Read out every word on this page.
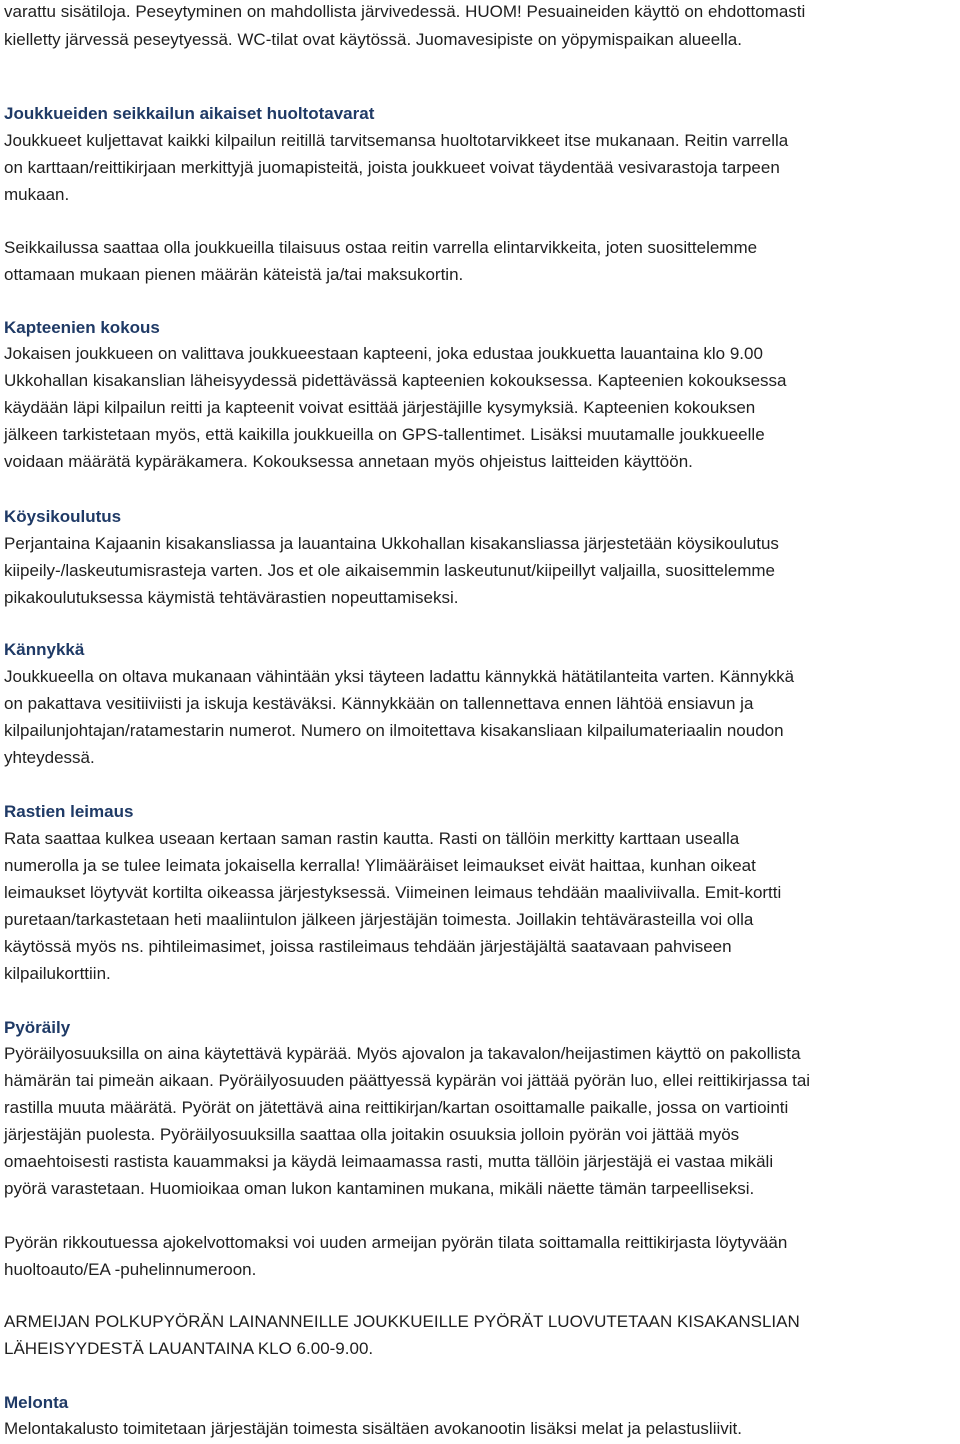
varattu sisätiloja. Peseytyminen on mahdollista järvivedessä. HUOM! Pesuaineiden käyttö on ehdottomasti
kielletty järvessä peseytyessä. WC-tilat ovat käytössä. Juomavesipiste on yöpymispaikan alueella.
Joukkueiden seikkailun aikaiset huoltotavarat
Joukkueet kuljettavat kaikki kilpailun reitillä tarvitsemansa huoltotarvikkeet itse mukanaan. Reitin varrella
on karttaan/reittikirjaan merkittyjä juomapisteitä, joista joukkueet voivat täydentää vesivarastoja tarpeen
mukaan.
Seikkailussa saattaa olla joukkueilla tilaisuus ostaa reitin varrella elintarvikkeita, joten suosittelemme
ottamaan mukaan pienen määrän käteistä ja/tai maksukortin.
Kapteenien kokous
Jokaisen joukkueen on valittava joukkueestaan kapteeni, joka edustaa joukkuetta lauantaina klo 9.00
Ukkohallan kisakanslian läheisyydessä pidettävässä kapteenien kokouksessa. Kapteenien kokouksessa
käydään läpi kilpailun reitti ja kapteenit voivat esittää järjestäjille kysymyksiä. Kapteenien kokouksen
jälkeen tarkistetaan myös, että kaikilla joukkueilla on GPS-tallentimet. Lisäksi muutamalle joukkueelle
voidaan määrätä kypäräkamera. Kokouksessa annetaan myös ohjeistus laitteiden käyttöön.
Köysikoulutus
Perjantaina Kajaanin kisakansliassa ja lauantaina Ukkohallan kisakansliassa järjestetään köysikoulutus
kiipeily-/laskeutumisrasteja varten. Jos et ole aikaisemmin laskeutunut/kiipeillyt valjailla, suosittelemme
pikakoulutuksessa käymistä tehtävärastien nopeuttamiseksi.
Kännykkä
Joukkueella on oltava mukanaan vähintään yksi täyteen ladattu kännykkä hätätilanteita varten. Kännykkä
on pakattava vesitiiviisti ja iskuja kestäväksi. Kännykkään on tallennettava ennen lähtöä ensiavun ja
kilpailunjohtajan/ratamestarin numerot. Numero on ilmoitettava kisakansliaan kilpailumateriaalin noudon
yhteydessä.
Rastien leimaus
Rata saattaa kulkea useaan kertaan saman rastin kautta. Rasti on tällöin merkitty karttaan usealla
numerolla ja se tulee leimata jokaisella kerralla! Ylimääräiset leimaukset eivät haittaa, kunhan oikeat
leimaukset löytyvät kortilta oikeassa järjestyksessä. Viimeinen leimaus tehdään maaliviivalla. Emit-kortti
puretaan/tarkastetaan heti maaliintulon jälkeen järjestäjän toimesta. Joillakin tehtävärasteilla voi olla
käytössä myös ns. pihtileimasimet, joissa rastileimaus tehdään järjestäjältä saatavaan pahviseen
kilpailukorttiin.
Pyöräily
Pyöräilyosuuksilla on aina käytettävä kypärää. Myös ajovalon ja takavalon/heijastimen käyttö on pakollista
hämärän tai pimeän aikaan. Pyöräilyosuuden päättyessä kypärän voi jättää pyörän luo, ellei reittikirjassa tai
rastilla muuta määrätä. Pyörät on jätettävä aina reittikirjan/kartan osoittamalle paikalle, jossa on vartiointi
järjestäjän puolesta. Pyöräilyosuuksilla saattaa olla joitakin osuuksia jolloin pyörän voi jättää myös
omaehtoisesti rastista kauammaksi ja käydä leimaamassa rasti, mutta tällöin järjestäjä ei vastaa mikäli
pyörä varastetaan. Huomioikaa oman lukon kantaminen mukana, mikäli näette tämän tarpeelliseksi.
Pyörän rikkoutuessa ajokelvottomaksi voi uuden armeijan pyörän tilata soittamalla reittikirjasta löytyvään
huoltoauto/EA -puhelinnumeroon.
ARMEIJAN POLKUPYÖRÄN LAINANNEILLE JOUKKUEILLE PYÖRÄT LUOVUTETAAN KISAKANSLIAN
LÄHEISYYDESTÄ LAUANTAINA KLO 6.00-9.00.
Melonta
Melontakalusto toimitetaan järjestäjän toimesta sisältäen avokanootin lisäksi melat ja pelastusliivit.
